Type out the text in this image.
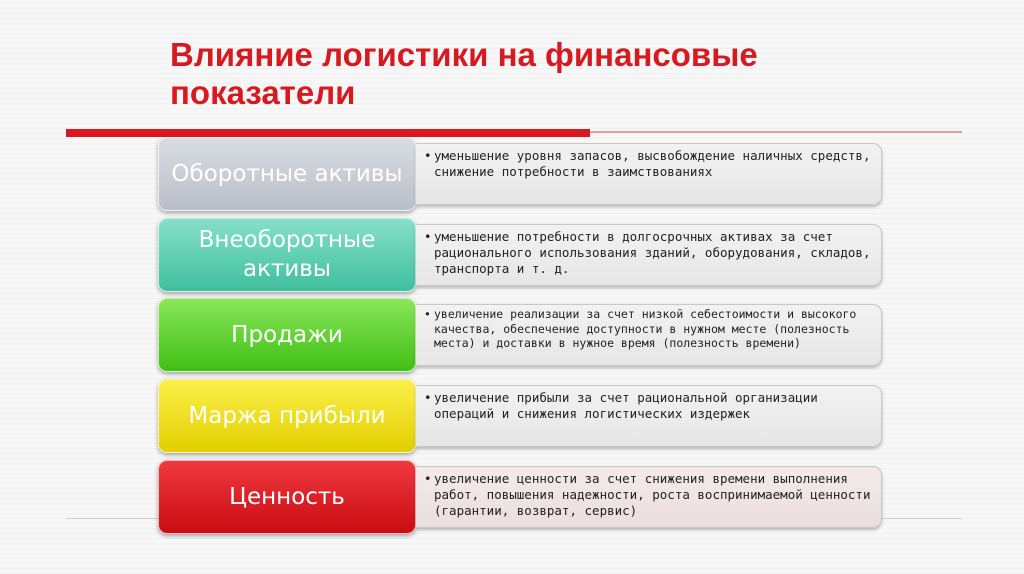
Влияние логистики на финансовые
показатели
Оборотные активы
• уменьшение уровня запасов, высвобождение наличных средств, снижение потребности в заимствованиях
Внеоборотные активы
• уменьшение потребности в долгосрочных активах за счет рационального использования зданий, оборудования, складов, транспорта и т. д.
Продажи
• увеличение реализации за счет низкой себестоимости и высокого качества, обеспечение доступности в нужном месте (полезность места) и доставки в нужное время (полезность времени)
Маржа прибыли
• увеличение прибыли за счет рациональной организации операций и снижения логистических издержек
Ценность
• увеличение ценности за счет снижения времени выполнения работ, повышения надежности, роста воспринимаемой ценности (гарантии, возврат, сервис)
